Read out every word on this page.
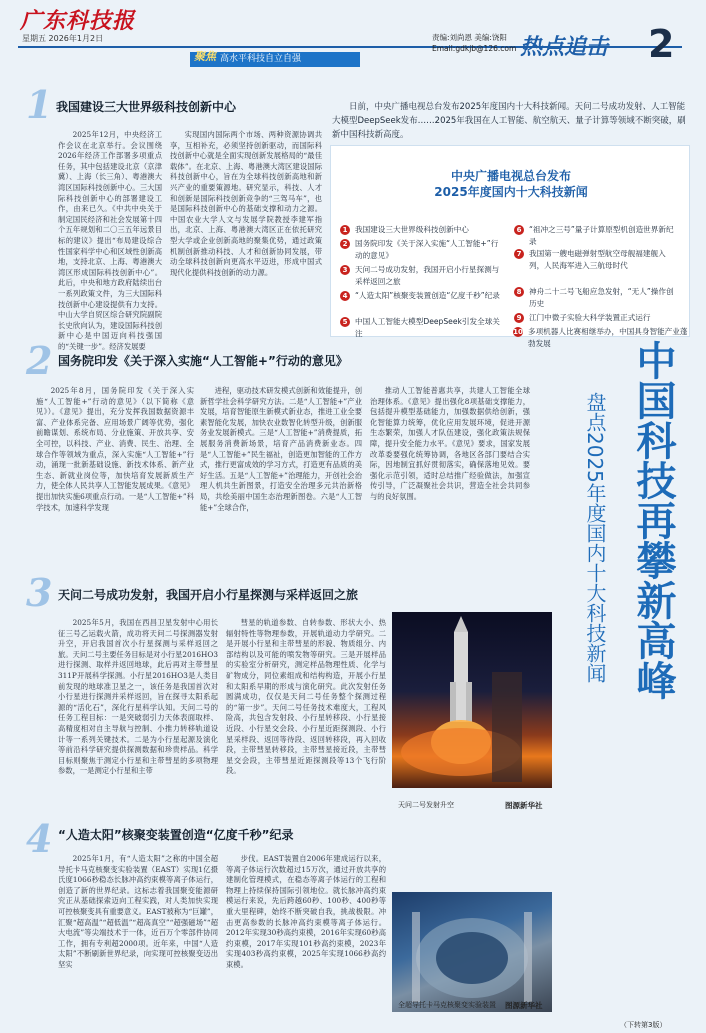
广东科技报
星期五 2026年1月2日
聚焦 高水平科技自立自强
责编:刘尚恩 美编:饶阳
Email:gdkjb@126.com 热点追击 2
1 我国建设三大世界级科技创新中心

2025年12月，中央经济工作会议在北京举行。会议围绕2026年经济工作部署多项重点任务，其中包括建设北京（京津冀）、上海（长三角）、粤港澳大湾区国际科技创新中心。三大国际科技创新中心的部署建设工作，由来已久。《中共中央关于制定国民经济和社会发展第十四个五年规划和二〇三五年远景目标的建议》提出“布局建设综合性国家科学中心和区域性创新高地，支持北京、上海、粤港澳大湾区形成国际科技创新中心”。此后，中央和地方政府陆续出台一系列政策文件，为三大国际科技创新中心建设提供有力支持。中山大学自贸区综合研究院副院长史欣向认为，建设国际科技创新中心是中国迈向科技强国的“关键一步”。经济发展要

实现国内国际两个市场、两种资源协调共享，互相补充，必须坚持创新驱动，而国际科技创新中心就是全面实现创新发展格局的“最佳载体”。在北京、上海、粤港澳大湾区建设国际科技创新中心，旨在为全球科技创新高地和新兴产业的重要策源地。研究显示，科技、人才和创新是国际科技创新竞争的“三驾马车”，也是国际科技创新中心的基础支撑和动力之源。中国农业大学人文与发展学院教授李建军指出，北京、上海、粤港澳大湾区正在依托研究型大学或企业创新高地的聚集优势，通过政策机制创新推动科技、人才和创新协同发展，带动全球科技创新向更高水平迈进，形成中国式现代化提供科技创新的动力源。

日前，中央广播电视总台发布2025年度国内十大科技新闻。天问二号成功发射、人工智能大模型DeepSeek发布……2025年我国在人工智能、航空航天、量子计算等领域不断突破，刷新中国科技新高度。
中央广播电视总台发布
2025年度国内十大科技新闻
1 我国建设三大世界级科技创新中心
2 国务院印发《关于深入实施“人工智能+”行动的意见》
3 天问二号成功发射，我国开启小行星探测与采样返回之旅
4 “人造太阳”核聚变装置创造“亿度千秒”纪录
5 中国人工智能大模型DeepSeek引发全球关注
6 “祖冲之三号”量子计算原型机创造世界新纪录
7 我国第一艘电磁弹射型航空母舰福建舰入列，人民海军进入三航母时代
8 神舟二十二号飞船应急发射，“无人”操作创历史
9 江门中微子实验大科学装置正式运行
10 多项机器人比赛相继举办，中国具身智能产业蓬勃发展
2 国务院印发《关于深入实施“人工智能+”行动的意见》

2025年8月，国务院印发《关于深入实施“人工智能+”行动的意见》（以下简称《意见》）。《意见》提出，充分发挥我国数据资源丰富、产业体系完备、应用场景广阔等优势，强化前瞻谋划、系统布局、分业施策、开放共享、安全可控，以科技、产业、消费、民生、治理、全球合作等领域为重点，深入实施“人工智能+”行动，涌现一批新基础设施、新技术体系、新产业生态、新就业岗位等，加快培育发展新质生产力，使全体人民共享人工智能发展成果。《意见》提出加快实施6项重点行动。一是“人工智能+”科学技术，加速科学发现

进程，驱动技术研发模式创新和效能提升，创新哲学社会科学研究方法。二是“人工智能+”产业发展，培育智能原生新模式新业态，推进工业全要素智能化发展，加快农业数智化转型升级，创新服务业发展新模式。三是“人工智能+”消费提质，拓展服务消费新场景，培育产品消费新业态。四是“人工智能+”民生福祉，创造更加智能的工作方式，推行更富成效的学习方式，打造更有品质的美好生活。五是“人工智能+”治理能力，开创社会治理人机共生新图景，打造安全治理多元共治新格局，共绘美丽中国生态治理新图卷。六是“人工智能+”全球合作，

推动人工智能普惠共享，共建人工智能全球治理体系。《意见》提出强化8项基础支撑能力，包括提升模型基础能力，加强数据供给创新，强化智能算力统筹，优化应用发展环境，促进开源生态繁荣，加强人才队伍建设，强化政策法规保障，提升安全能力水平。《意见》要求，国家发展改革委要强化统筹协调，各地区各部门要结合实际，因地制宜抓好贯彻落实，确保落地见效。要强化示范引领，适时总结推广经验做法，加强宣传引导，广泛凝聚社会共识，营造全社会共同参与的良好氛围。	中国科技再攀新高峰
盘点2025年度国内十大科技新闻
3 天问二号成功发射，我国开启小行星探测与采样返回之旅

2025年5月，我国在西昌卫星发射中心用长征三号乙运载火箭，成功将天问二号探测器发射升空，开启我国首次小行星探测与采样返回之旅。天问二号主要任务目标是对小行星2016HO3进行探测、取样并返回地球，此后再对主带彗星311P开展科学探测。小行星2016HO3是人类目前发现的地球准卫星之一，该任务是我国首次对小行星进行探测并采样返回，旨在探寻太阳系起源的“活化石”，深化行星科学认知。天问二号的任务工程目标：一是突破弱引力天体表面取样、高精度相对自主导航与控制、小推力转移轨道设计等一系列关键技术。二是为小行星起源及演化等前沿科学研究提供探测数据和珍贵样品。科学目标则聚焦于测定小行星和主带彗星的多项物理参数，一是测定小行星和主带

彗星的轨道参数、自转参数、形状大小、热辐射特性等物理参数，开展轨道动力学研究。二是开展小行星和主带彗星的形貌、物质组分、内部结构以及可能的喷发物等研究。三是开展样品的实验室分析研究，测定样品物理性质、化学与矿物成分，同位素组成和结构构造，开展小行星和太阳系早期的形成与演化研究。此次发射任务圆满成功，仅仅是天问二号任务整个探测过程的“第一步”。天问二号任务技术难度大，工程风险高，共包含发射段、小行星转移段、小行星接近段、小行星交会段、小行星近距探测段、小行星采样段、返回等待段、返回转移段，再入回收段，主带彗星转移段，主带彗星接近段，主带彗星交会段，主带彗星近距探测段等13个飞行阶段。

天问二号发射升空	图源新华社
4 “人造太阳”核聚变装置创造“亿度千秒”纪录

2025年1月，有“人造太阳”之称的中国全超导托卡马克核聚变实验装置（EAST）实现1亿摄氏度1066秒稳态长脉冲高约束模等离子体运行，创造了新的世界纪录。这标志着我国聚变能源研究正从基础探索迈向工程实践，对人类加快实现可控核聚变具有重要意义。EAST被称为“巨罐”，汇聚“超高温”“超低温”“超高真空”“超强磁场”“超大电流”等尖端技术于一体，近百万个零部件协同工作，拥有专利超2000项。近年来，中国“人造太阳”不断刷新世界纪录，向实现可控核聚变迈出坚实

步伐。EAST装置自2006年建成运行以来，等离子体运行次数超过15万次，通过开放共享的建制化管理模式，在稳态等离子体运行的工程和物理上持续保持国际引领地位。就长脉冲高约束模运行来说，先后跨越60秒、100秒、400秒等重大里程碑，始终不断突破自我，挑战极限。冲击更高参数的长脉冲高约束模等离子体运行。2012年实现30秒高约束模，2016年实现60秒高约束模，2017年实现101秒高约束模，2023年实现403秒高约束模，2025年实现1066秒高约束模。

全超导托卡马克核聚变实验装置 图源新华社
（下转第3版）
